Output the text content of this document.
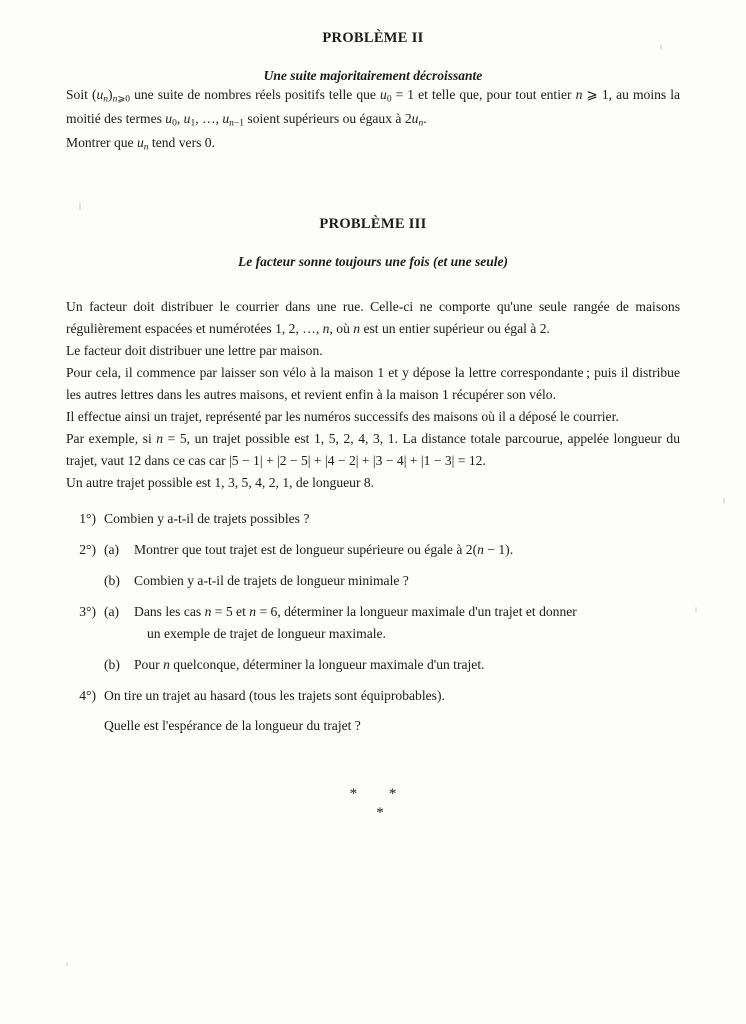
PROBLÈME II
Une suite majoritairement décroissante

Soit $(u_n)_{n⩾0}$ une suite de nombres réels positifs telle que $u_0 = 1$ et telle que, pour tout entier n ⩾ 1, au moins la moitié des termes $u_0$, $u_1$, …, $u_{n-1}$ soient supérieurs ou égaux à $2u_n$.

Montrer que $u_n$ tend vers 0.

PROBLÈME III
Le facteur sonne toujours une fois (et une seule)

Un facteur doit distribuer le courrier dans une rue. Celle-ci ne comporte qu'une seule rangée de maisons régulièrement espacées et numérotées 1, 2, …, n, où n est un entier supérieur ou égal à 2.

Le facteur doit distribuer une lettre par maison.

Pour cela, il commence par laisser son vélo à la maison 1 et y dépose la lettre correspondante ; puis il distribue les autres lettres dans les autres maisons, et revient enfin à la maison 1 récupérer son vélo.

Il effectue ainsi un trajet, représenté par les numéros successifs des maisons où il a déposé le courrier.

Par exemple, si n = 5, un trajet possible est 1, 5, 2, 4, 3, 1. La distance totale parcourue, appelée longueur du trajet, vaut 12 dans ce cas car |5 − 1| + |2 − 5| + |4 − 2| + |3 − 4| + |1 − 3| = 12.

Un autre trajet possible est 1, 3, 5, 4, 2, 1, de longueur 8.

1°) Combien y a-t-il de trajets possibles ?
2°) (a)	Montrer que tout trajet est de longueur supérieure ou égale à 2(n − 1).
(b)	Combien y a-t-il de trajets de longueur minimale ?
3°) (a)	Dans les cas n = 5 et n = 6, déterminer la longueur maximale d'un trajet et donner
un exemple de trajet de longueur maximale.
(b)	Pour n quelconque, déterminer la longueur maximale d'un trajet.
4°) On tire un trajet au hasard (tous les trajets sont équiprobables).
Quelle est l'espérance de la longueur du trajet ?
* *
*
